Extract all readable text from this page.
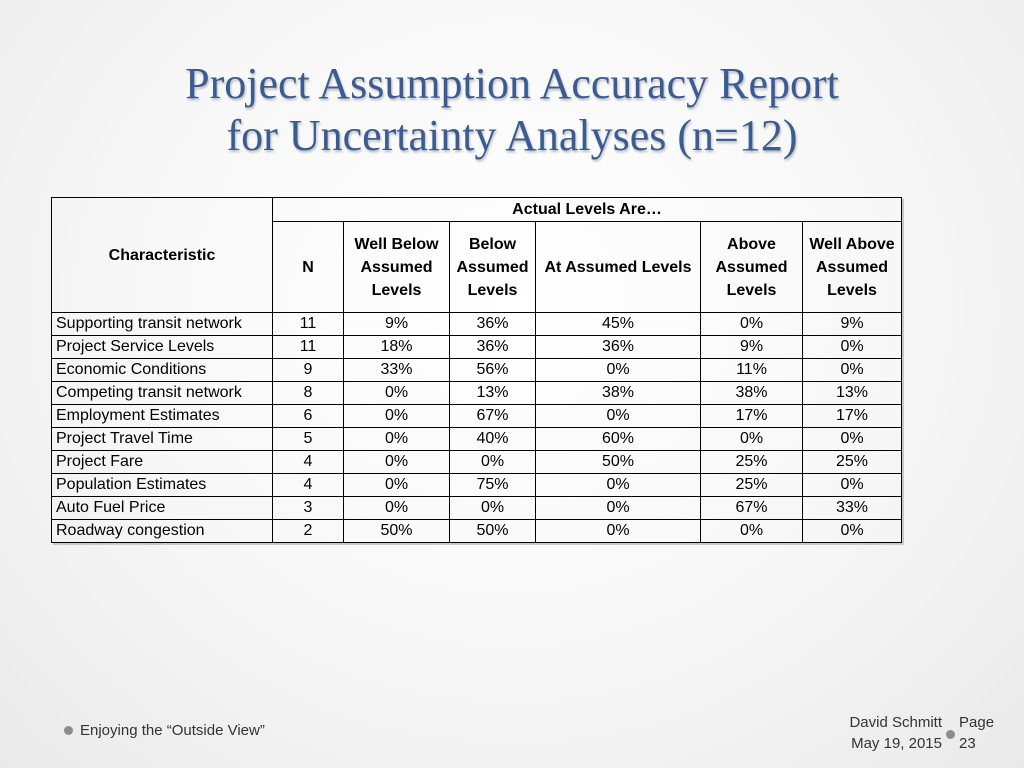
Project Assumption Accuracy Report
for Uncertainty Analyses (n=12)
Characteristic	Actual Levels Are…					
	N	Well Below Assumed Levels	Below Assumed Levels	At Assumed Levels	Above Assumed Levels	Well Above Assumed Levels
Supporting transit network	11	9%	36%	45%	0%	9%
Project Service Levels	11	18%	36%	36%	9%	0%
Economic Conditions	9	33%	56%	0%	11%	0%
Competing transit network	8	0%	13%	38%	38%	13%
Employment Estimates	6	0%	67%	0%	17%	17%
Project Travel Time	5	0%	40%	60%	0%	0%
Project Fare	4	0%	0%	50%	25%	25%
Population Estimates	4	0%	75%	0%	25%	0%
Auto Fuel Price	3	0%	0%	0%	67%	33%
Roadway congestion	2	50%	50%	0%	0%	0%
Enjoying the “Outside View”	David Schmitt
May 19, 2015
Page
23
